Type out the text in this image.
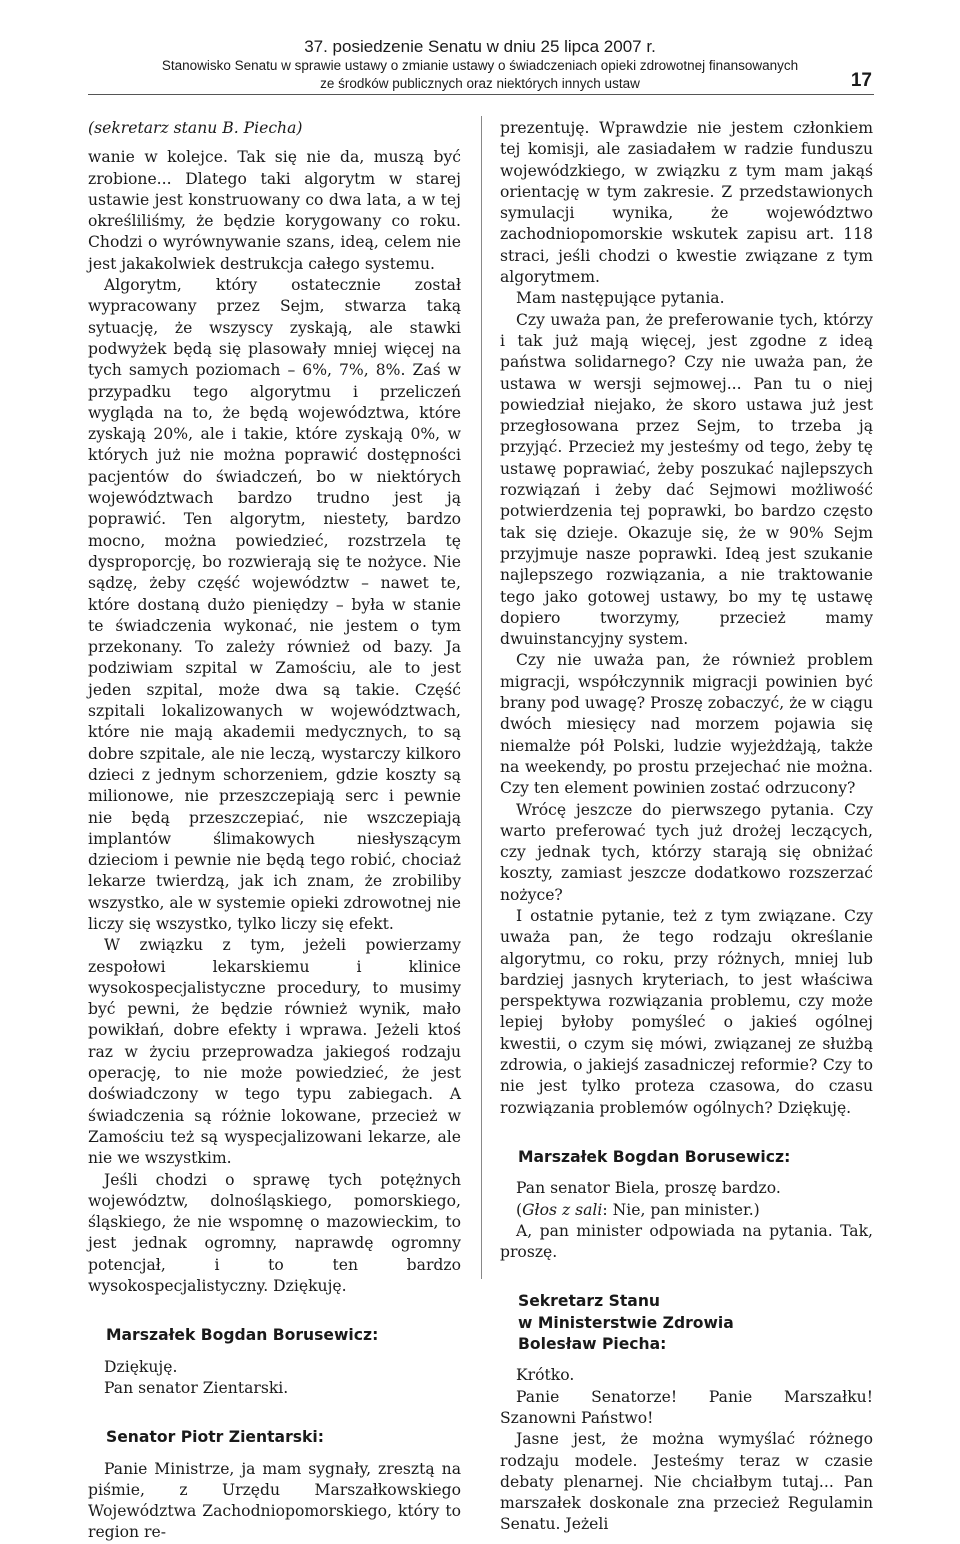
37. posiedzenie Senatu w dniu 25 lipca 2007 r.
Stanowisko Senatu w sprawie ustawy o zmianie ustawy o świadczeniach opieki zdrowotnej finansowanych
ze środków publicznych oraz niektórych innych ustaw	17

(sekretarz stanu B. Piecha)

wanie w kolejce. Tak się nie da, muszą być zrobione... Dlatego taki algorytm w starej ustawie jest konstruowany co dwa lata, a w tej określiliśmy, że będzie korygowany co roku. Chodzi o wyrównywanie szans, ideą, celem nie jest jakakolwiek destrukcja całego systemu.

Algorytm, który ostatecznie został wypracowany przez Sejm, stwarza taką sytuację, że wszyscy zyskają, ale stawki podwyżek będą się plasowały mniej więcej na tych samych poziomach – 6%, 7%, 8%. Zaś w przypadku tego algorytmu i przeliczeń wygląda na to, że będą województwa, które zyskają 20%, ale i takie, które zyskają 0%, w których już nie można poprawić dostępności pacjentów do świadczeń, bo w niektórych województwach bardzo trudno jest ją poprawić. Ten algorytm, niestety, bardzo mocno, można powiedzieć, rozstrzela tę dysproporcję, bo rozwierają się te nożyce. Nie sądzę, żeby część województw – nawet te, które dostaną dużo pieniędzy – była w stanie te świadczenia wykonać, nie jestem o tym przekonany. To zależy również od bazy. Ja podziwiam szpital w Zamościu, ale to jest jeden szpital, może dwa są takie. Część szpitali lokalizowanych w województwach, które nie mają akademii medycznych, to są dobre szpitale, ale nie leczą, wystarczy kilkoro dzieci z jednym schorzeniem, gdzie koszty są milionowe, nie przeszczepiają serc i pewnie nie będą przeszczepiać, nie wszczepiają implantów ślimakowych niesłyszącym dzieciom i pewnie nie będą tego robić, chociaż lekarze twierdzą, jak ich znam, że zrobiliby wszystko, ale w systemie opieki zdrowotnej nie liczy się wszystko, tylko liczy się efekt.

W związku z tym, jeżeli powierzamy zespołowi lekarskiemu i klinice wysokospecjalistyczne procedury, to musimy być pewni, że będzie również wynik, mało powikłań, dobre efekty i wprawa. Jeżeli ktoś raz w życiu przeprowadza jakiegoś rodzaju operację, to nie może powiedzieć, że jest doświadczony w tego typu zabiegach. A świadczenia są różnie lokowane, przecież w Zamościu też są wyspecjalizowani lekarze, ale nie we wszystkim.

Jeśli chodzi o sprawę tych potężnych województw, dolnośląskiego, pomorskiego, śląskiego, że nie wspomnę o mazowieckim, to jest jednak ogromny, naprawdę ogromny potencjał, i to ten bardzo wysokospecjalistyczny. Dziękuję.

Marszałek Bogdan Borusewicz:

Dziękuję.

Pan senator Zientarski.

Senator Piotr Zientarski:

Panie Ministrze, ja mam sygnały, zresztą na piśmie, z Urzędu Marszałkowskiego Województwa Zachodniopomorskiego, który to region re-

prezentuję. Wprawdzie nie jestem członkiem tej komisji, ale zasiadałem w radzie funduszu wojewódzkiego, w związku z tym mam jakąś orientację w tym zakresie. Z przedstawionych symulacji wynika, że województwo zachodniopomorskie wskutek zapisu art. 118 straci, jeśli chodzi o kwestie związane z tym algorytmem.

Mam następujące pytania.

Czy uważa pan, że preferowanie tych, którzy i tak już mają więcej, jest zgodne z ideą państwa solidarnego? Czy nie uważa pan, że ustawa w wersji sejmowej... Pan tu o niej powiedział niejako, że skoro ustawa już jest przegłosowana przez Sejm, to trzeba ją przyjąć. Przecież my jesteśmy od tego, żeby tę ustawę poprawiać, żeby poszukać najlepszych rozwiązań i żeby dać Sejmowi możliwość potwierdzenia tej poprawki, bo bardzo często tak się dzieje. Okazuje się, że w 90% Sejm przyjmuje nasze poprawki. Ideą jest szukanie najlepszego rozwiązania, a nie traktowanie tego jako gotowej ustawy, bo my tę ustawę dopiero tworzymy, przecież mamy dwuinstancyjny system.

Czy nie uważa pan, że również problem migracji, współczynnik migracji powinien być brany pod uwagę? Proszę zobaczyć, że w ciągu dwóch miesięcy nad morzem pojawia się niemalże pół Polski, ludzie wyjeżdżają, także na weekendy, po prostu przejechać nie można. Czy ten element powinien zostać odrzucony?

Wrócę jeszcze do pierwszego pytania. Czy warto preferować tych już drożej leczących, czy jednak tych, którzy starają się obniżać koszty, zamiast jeszcze dodatkowo rozszerzać nożyce?

I ostatnie pytanie, też z tym związane. Czy uważa pan, że tego rodzaju określanie algorytmu, co roku, przy różnych, mniej lub bardziej jasnych kryteriach, to jest właściwa perspektywa rozwiązania problemu, czy może lepiej byłoby pomyśleć o jakieś ogólnej kwestii, o czym się mówi, związanej ze służbą zdrowia, o jakiejś zasadniczej reformie? Czy to nie jest tylko proteza czasowa, do czasu rozwiązania problemów ogólnych? Dziękuję.

Marszałek Bogdan Borusewicz:

Pan senator Biela, proszę bardzo.

(Głos z sali: Nie, pan minister.)

A, pan minister odpowiada na pytania. Tak, proszę.

Sekretarz Stanu

w Ministerstwie Zdrowia

Bolesław Piecha:

Krótko.

Panie Senatorze! Panie Marszałku! Szanowni Państwo!

Jasne jest, że można wymyślać różnego rodzaju modele. Jesteśmy teraz w czasie debaty plenarnej. Nie chciałbym tutaj... Pan marszałek doskonale zna przecież Regulamin Senatu. Jeżeli
